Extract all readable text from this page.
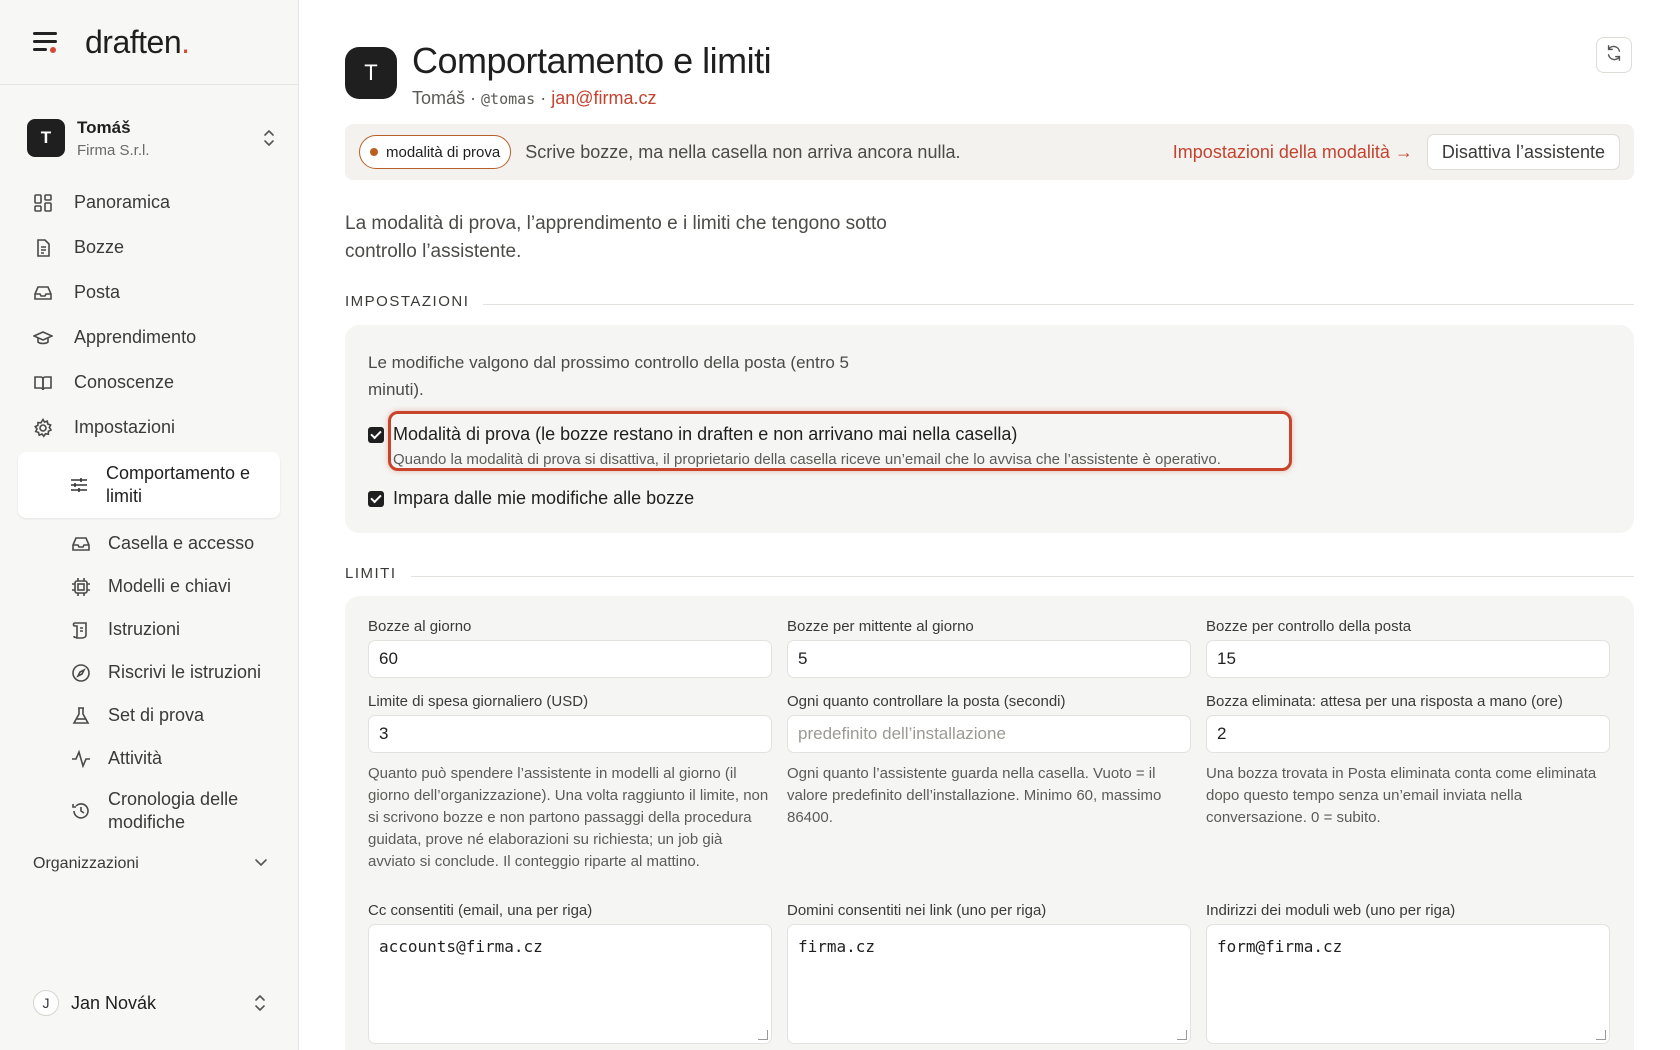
draften.
T
Tomáš
Firma S.r.l.
Panoramica
Bozze
Posta
Apprendimento
Conoscenze
Impostazioni
Comportamento e limiti
Casella e accesso
Modelli e chiavi
Istruzioni
Riscrivi le istruzioni
Set di prova
Attività
Cronologia delle modifiche
Organizzazioni
J	Jan Novák
T Comportamento e limiti
Tomáš · @tomas · jan@firma.cz
modalità di prova Scrive bozze, ma nella casella non arriva ancora nulla.	Impostazioni della modalità →	Disattiva l’assistente

La modalità di prova, l’apprendimento e i limiti che tengono sotto controllo l’assistente.

IMPOSTAZIONI

Le modifiche valgono dal prossimo controllo della posta (entro 5 minuti).

Modalità di prova (le bozze restano in draften e non arrivano mai nella casella)
Quando la modalità di prova si disattiva, il proprietario della casella riceve un’email che lo avvisa che l’assistente è operativo.
Impara dalle mie modifiche alle bozze
LIMITI
Bozze al giorno
60
Bozze per mittente al giorno
5
Bozze per controllo della posta
15
Limite di spesa giornaliero (USD)
3
Quanto può spendere l’assistente in modelli al giorno (il giorno dell’organizzazione). Una volta raggiunto il limite, non si scrivono bozze e non partono passaggi della procedura guidata, prove né elaborazioni su richiesta; un job già avviato si conclude. Il conteggio riparte al mattino.
Ogni quanto controllare la posta (secondi)
predefinito dell’installazione
Ogni quanto l’assistente guarda nella casella. Vuoto = il valore predefinito dell’installazione. Minimo 60, massimo 86400.
Bozza eliminata: attesa per una risposta a mano (ore)
2
Una bozza trovata in Posta eliminata conta come eliminata dopo questo tempo senza un’email inviata nella conversazione. 0 = subito.
Cc consentiti (email, una per riga)
accounts@firma.cz
Domini consentiti nei link (uno per riga)
firma.cz
Indirizzi dei moduli web (uno per riga)
form@firma.cz
